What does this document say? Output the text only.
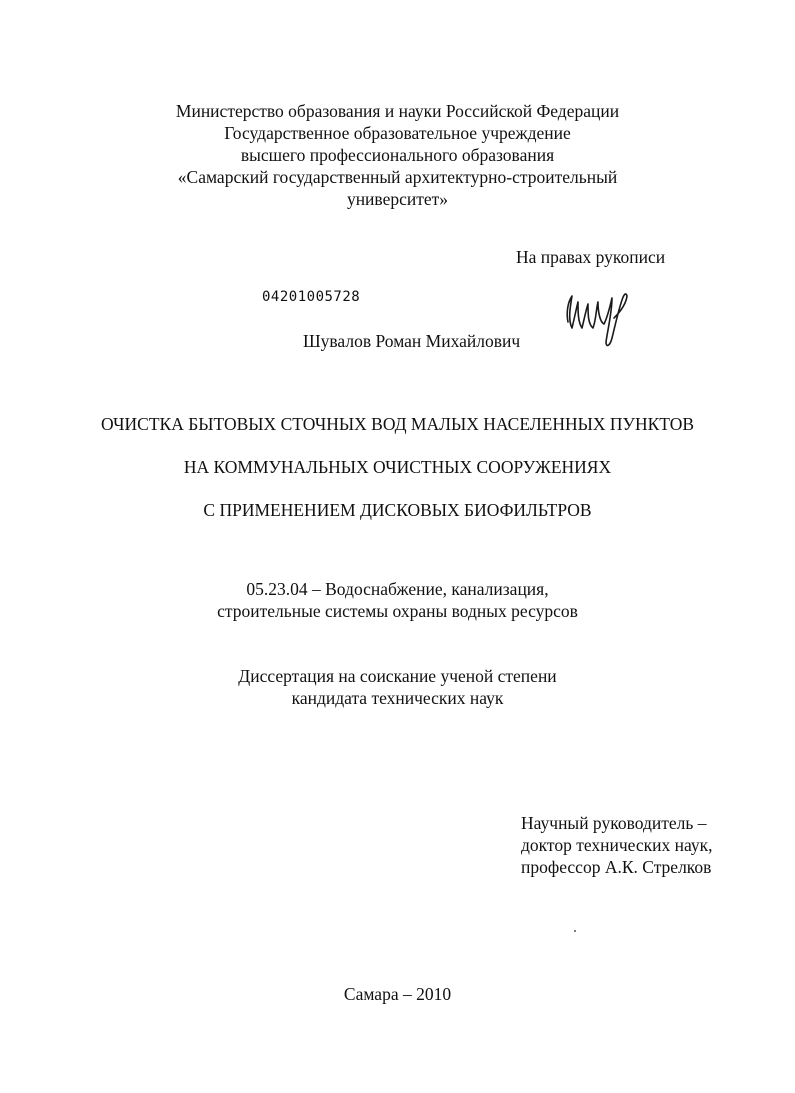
Министерство образования и науки Российской Федерации
Государственное образовательное учреждение
высшего профессионального образования
«Самарский государственный архитектурно-строительный
университет»
На правах рукописи
04201005728
Шувалов Роман Михайлович
ОЧИСТКА БЫТОВЫХ СТОЧНЫХ ВОД МАЛЫХ НАСЕЛЕННЫХ ПУНКТОВ
НА КОММУНАЛЬНЫХ ОЧИСТНЫХ СООРУЖЕНИЯХ
С ПРИМЕНЕНИЕМ ДИСКОВЫХ БИОФИЛЬТРОВ
05.23.04 – Водоснабжение, канализация,
строительные системы охраны водных ресурсов
Диссертация на соискание ученой степени
кандидата технических наук
Научный руководитель –
доктор технических наук,
профессор А.К. Стрелков
Самара – 2010
